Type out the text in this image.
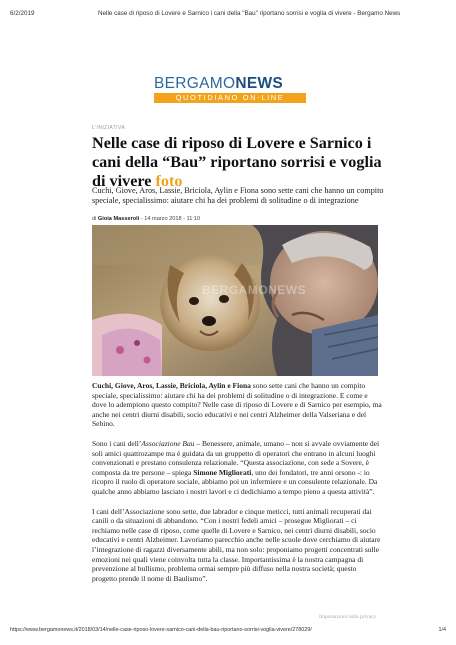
6/2/2019	Nelle case di riposo di Lovere e Sarnico i cani della "Bau" riportano sorrisi e voglia di vivere - Bergamo News
BERGAMONEWS
QUOTIDIANO ON-LINE
L'INIZIATIVA
Nelle case di riposo di Lovere e Sarnico i cani della “Bau” riportano sorrisi e voglia di vivere foto
Cuchi, Giove, Aros, Lassie, Briciola, Aylin e Fiona sono sette cani che hanno un compito speciale, specialissimo: aiutare chi ha dei problemi di solitudine o di integrazione
di Gioia Masseroli - 14 marzo 2018 - 11:10
BERGAMONEWS

Cuchi, Giove, Aros, Lassie, Briciola, Aylin e Fiona sono sette cani che hanno un compito speciale, specialissimo: aiutare chi ha dei problemi di solitudine o di integrazione. E come e dove lo adempiono questo compito? Nelle case di riposo di Lovere e di Sarnico per esempio, ma anche nei centri diurni disabili, socio educativi e nei centri Alzheimer della Valseriana e del Sebino.

Sono i cani dell’Associazione Bau – Benessere, animale, umano – non si avvale ovviamente dei soli amici quattrozampe ma è guidata da un gruppetto di operatori che entrano in alcuni luoghi convenzionati e prestano consulenza relazionale. “Questa associazione, con sede a Sovere, è composta da tre persone – spiega Simone Migliorati, uno dei fondatori, tre anni orsono -: io ricopro il ruolo di operatore sociale, abbiamo poi un infermiere e un consulente relazionale. Da qualche anno abbiamo lasciato i nostri lavori e ci dedichiamo a tempo pieno a questa attività”.

I cani dell’Associazione sono sette, due labrador e cinque meticci, tutti animali recuperati dai canili o da situazioni di abbandono. “Con i nostri fedeli amici – prosegue Migliorati – ci rechiamo nelle case di riposo, come quelle di Lovere e Sarnico, nei centri diurni disabili, socio educativi e centri Alzheimer. Lavoriamo parecchio anche nelle scuole dove cerchiamo di aiutare l’integrazione di ragazzi diversamente abili, ma non solo: proponiamo progetti concentrati sulle emozioni nei quali viene coinvolta tutta la classe. Importantissima è la nostra campagna di prevenzione al bullismo, problema ormai sempre più diffuso nella nostra società; questo progetto prende il nome di Baulismo”.

Impostazioni sulla privacy
https://www.bergamonews.it/2018/03/14/nelle-case-riposo-lovere-sarnico-cani-della-bau-riportano-sorrisi-voglia-vivere/278029/	1/4
